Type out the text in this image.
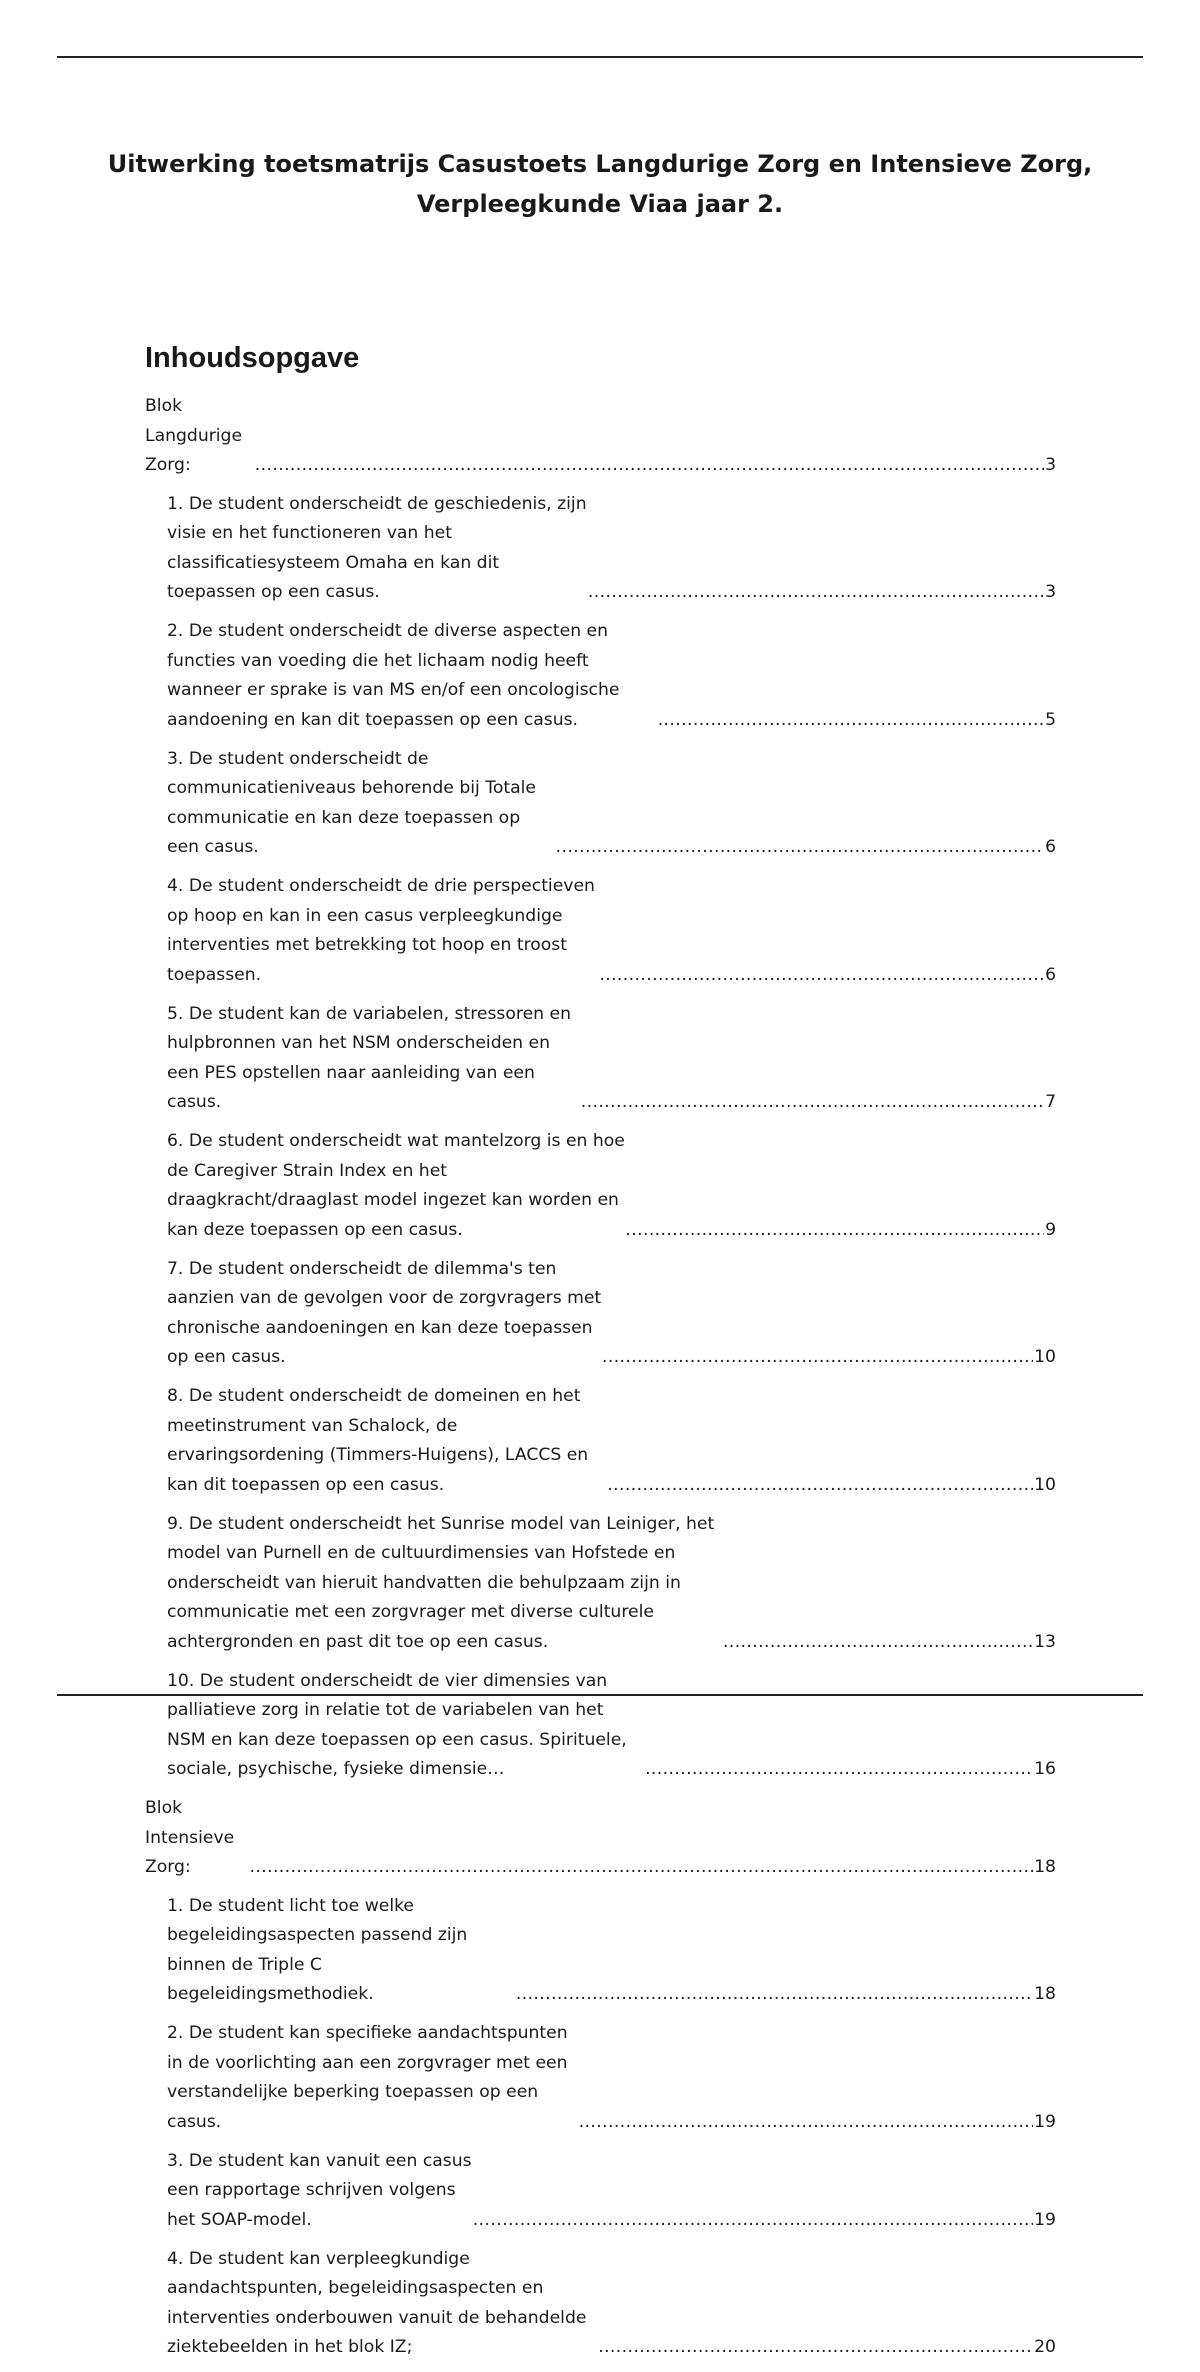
Uitwerking toetsmatrijs Casustoets Langdurige Zorg en Intensieve Zorg,
Verpleegkunde Viaa jaar 2.
Inhoudsopgave
Blok Langdurige Zorg: .....	3
1. De student onderscheidt de geschiedenis, zijn visie en het functioneren van het classificatiesysteem Omaha en kan dit toepassen op een casus. .....	3
2. De student onderscheidt de diverse aspecten en functies van voeding die het lichaam nodig heeft wanneer er sprake is van MS en/of een oncologische aandoening en kan dit toepassen op een casus. .....	5
3. De student onderscheidt de communicatieniveaus behorende bij Totale communicatie en kan deze toepassen op een casus. .....	6
4. De student onderscheidt de drie perspectieven op hoop en kan in een casus verpleegkundige interventies met betrekking tot hoop en troost toepassen. .....	6
5. De student kan de variabelen, stressoren en hulpbronnen van het NSM onderscheiden en een PES opstellen naar aanleiding van een casus. .....	7
6. De student onderscheidt wat mantelzorg is en hoe de Caregiver Strain Index en het draagkracht/draaglast model ingezet kan worden en kan deze toepassen op een casus. .....	9
7. De student onderscheidt de dilemma's ten aanzien van de gevolgen voor de zorgvragers met chronische aandoeningen en kan deze toepassen op een casus. .....	10
8. De student onderscheidt de domeinen en het meetinstrument van Schalock, de ervaringsordening (Timmers-Huigens), LACCS en kan dit toepassen op een casus. .....	10
9. De student onderscheidt het Sunrise model van Leiniger, het model van Purnell en de cultuurdimensies van Hofstede en onderscheidt van hieruit handvatten die behulpzaam zijn in communicatie met een zorgvrager met diverse culturele achtergronden en past dit toe op een casus. .....	13
10. De student onderscheidt de vier dimensies van palliatieve zorg in relatie tot de variabelen van het NSM en kan deze toepassen op een casus. Spirituele, sociale, psychische, fysieke dimensie… .....	16
Blok Intensieve Zorg: .....	18
1. De student licht toe welke begeleidingsaspecten passend zijn binnen de Triple C begeleidingsmethodiek. .....	18
2. De student kan specifieke aandachtspunten in de voorlichting aan een zorgvrager met een verstandelijke beperking toepassen op een casus. .....	19
3. De student kan vanuit een casus een rapportage schrijven volgens het SOAP-model. .....	19
4. De student kan verpleegkundige aandachtspunten, begeleidingsaspecten en interventies onderbouwen vanuit de behandelde ziektebeelden in het blok IZ; .....	20
